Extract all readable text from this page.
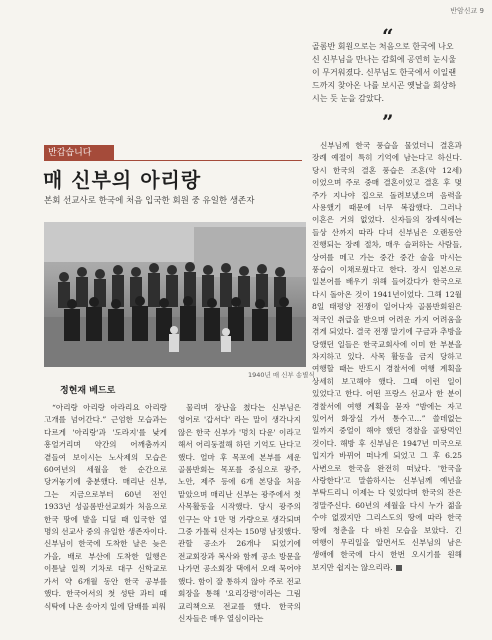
반암신교 9
“
골롬반 회원으로는 처음으로 한국에 나오신 신부님을 만나는 감회에 공연히 눈시울이 무거워졌다. 신부님도 한국에서 이일랜드까지 찾아온 나를 보시곤 옛날을 회상하시는 듯 눈을 감았다.
”
반갑습니다
매 신부의 아리랑
본회 선교사로 한국에 처음 입국한 회원 중 유일한 생존자
1940년 매 신부 송별식
정현재 베드로

“아리랑 아리랑 아라리요 아리랑 고개를 넘어간다.” 근엄한 모습과는 다르게 '아리랑'과 '도라지'를 낮게 흥얼거리며 약간의 어깨춤까지 곁들여 보이시는 노사제의 모습은 60여년의 세월을 한 순간으로 당겨놓기에 충분했다. 매리난 신부, 그는 지금으로부터 60년 전인 1933년 성골롬반선교회가 처음으로 한국 땅에 발을 디딜 때 입국한 열 명의 선교사 중의 유일한 생존자이다. 신부님이 한국에 도착한 날은 늦은 가을, 배로 부산에 도착한 일행은 이튿날 일찍 기차로 대구 신학교로 가서 약 6개월 동안 한국 공부를 했다. 한국어서의 첫 성탄 과티 때 식탁에 나온 송아지 일에 담배를 피워

물리며 장난을 쳤다는 신부님은 영어로 '갑서다' 라는 말이 생각나지 않은 한국 신부가 '멍치 다운' 이라고 해서 어리둥절해 하던 기억도 난다고 했다. 얼마 후 목포에 본부를 세운 골롬반회는 목포를 중심으로 광주, 노안, 제주 등에 6개 본당을 처음 맡았으며 매리난 신부는 광주에서 첫 사목활동을 시작했다. 당시 광주의 인구는 약 1만 명 가량으로 생각되며 그중 가톨릭 신자는 150명 남짓했다. 관할 공소가 26개나 되었기에 전교회장과 복사와 함께 공소 방문을 나가면 공소회장 댁에서 오래 묵어야 했다. 함이 잘 통하지 않아 주로 전교 회장을 통해 '요리강령'이라는 그림 교리책으로 전교를 했다. 한국의 신자들은 매우 열심이라는

신부님께 한국 풍습을 물었더니 결혼과 장례 예절이 특히 기억에 남는다고 하신다. 당시 한국의 결혼 풍습은 조혼(약 12세)이었으며 주로 중매 결혼이었고 결혼 후 몇 주가 지나야 집으로 돌려보냈으며 음력을 사용했기 때문에 너무 복잡했다. 그러나 이혼은 거의 없었다. 신자들의 장례식에는 들상 산까지 따라 다녀 신부님은 오랜동안 진행되는 장례 절차, 매우 슬퍼하는 사람들, 상여를 메고 가는 중간 중간 술을 마시는 풍습이 이채로웠다고 한다. 장시 일본으로 일본어를 배우기 위해 들어갔다가 한국으로 다시 돌아온 것이 1941년이었다. 그해 12월 8일 태평양 전쟁이 일어나자 골롬반회원은 적국인 취급을 받으며 어려운 가지 어려움을 겪게 되었다. 결국 전쟁 말기에 구금과 추방을 당했던 일들은 한국교회사에 이미 한 부분을 차지하고 있다. 사목 활동을 금지 당하고 여행할 때는 반드시 경찰서에 여행 계획을 상세히 보고해야 했다. 그때 이런 일이 있었다고 한다. 어떤 프랑스 선교사 한 분이 경찰서에 여행 계획을 묻자 “밤에는 자고 있어서 화장실 가서 통수고...” 쓸데없는 일까지 중얼이 해야 했던 경찰을 골탕먹인 것이다. 해방 후 신부님은 1947년 미국으로 입지가 바뀌어 떠나게 되었고 그 후 6.25 사변으로 한국을 완전히 떠났다. '한국을 사랑한다'고 말씀하시는 신부님께 예년을 부탁드리니 이제는 다 잊었다며 한국의 잔은 정말주신다. 60년의 세월을 다시 누가 젊을 수야 없겠지만 그리스도의 땅에 따라 한국 땅에 청춘을 다 바친 모습을 보았다. 긴 여행이 무리일을 알면서도 신부님의 남은 생애에 한국에 다시 한번 오시기를 원해 보지만 쉽지는 않으리라.
